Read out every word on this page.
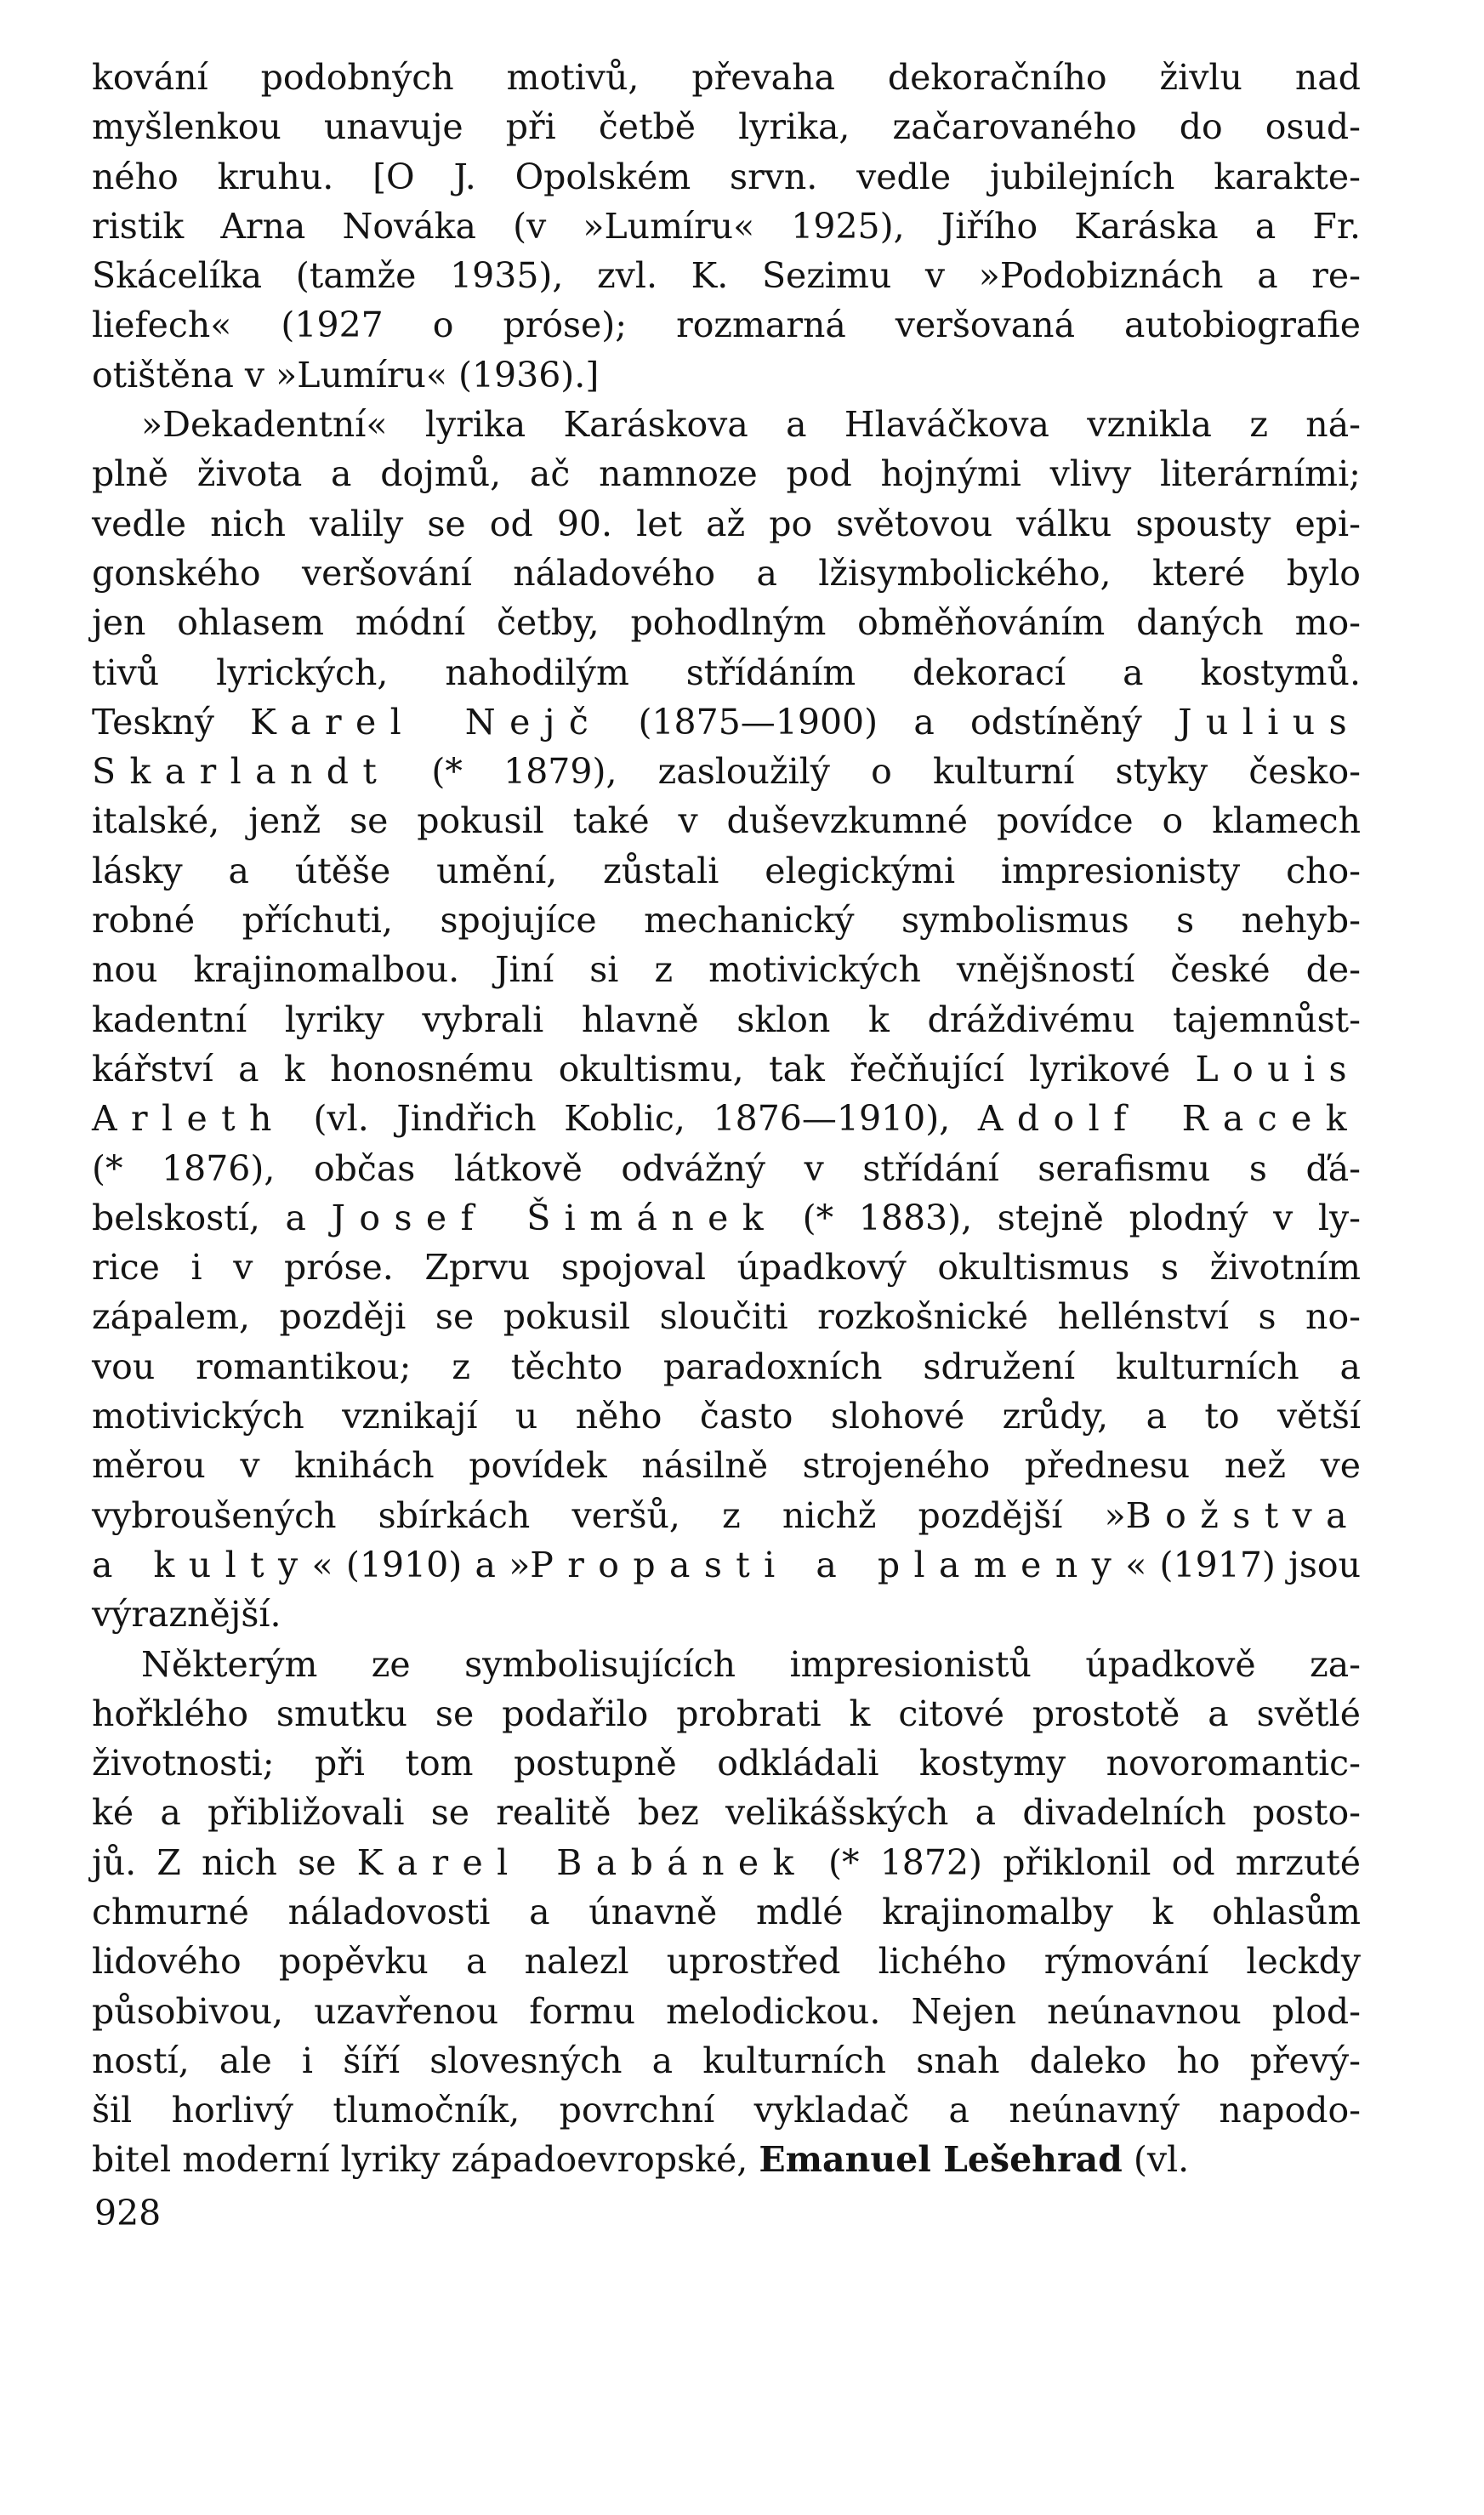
kování podobných motivů, převaha dekoračního živlu nad
myšlenkou unavuje při četbě lyrika, začarovaného do osud-
ného kruhu. [O J. Opolském srvn. vedle jubilejních karakte-
ristik Arna Nováka (v »Lumíru« 1925), Jiřího Karáska a Fr.
Skácelíka (tamže 1935), zvl. K. Sezimu v »Podobiznách a re-
liefech« (1927 o próse); rozmarná veršovaná autobiografie
otištěna v »Lumíru« (1936).]

»Dekadentní« lyrika Karáskova a Hlaváčkova vznikla z ná-
plně života a dojmů, ač namnoze pod hojnými vlivy literárními;
vedle nich valily se od 90. let až po světovou válku spousty epi-
gonského veršování náladového a lžisymbolického, které bylo
jen ohlasem módní četby, pohodlným obměňováním daných mo-
tivů lyrických, nahodilým střídáním dekorací a kostymů.
Teskný Karel Nejč (1875—1900) a odstíněný Julius
Skarlandt (* 1879), zasloužilý o kulturní styky česko-
italské, jenž se pokusil také v duševzkumné povídce o klamech
lásky a útěše umění, zůstali elegickými impresionisty cho-
robné příchuti, spojujíce mechanický symbolismus s nehyb-
nou krajinomalbou. Jiní si z motivických vnějšností české de-
kadentní lyriky vybrali hlavně sklon k dráždivému tajemnůst-
kářství a k honosnému okultismu, tak řečňující lyrikové Louis
Arleth (vl. Jindřich Koblic, 1876—1910), Adolf Racek
(* 1876), občas látkově odvážný v střídání serafismu s ďá-
belskostí, a Josef Šimánek (* 1883), stejně plodný v ly-
rice i v próse. Zprvu spojoval úpadkový okultismus s životním
zápalem, později se pokusil sloučiti rozkošnické hellénství s no-
vou romantikou; z těchto paradoxních sdružení kulturních a
motivických vznikají u něho často slohové zrůdy, a to větší
měrou v knihách povídek násilně strojeného přednesu než ve
vybroušených sbírkách veršů, z nichž pozdější »Božstva
a kulty« (1910) a »Propasti a plameny« (1917) jsou
výraznější.

Některým ze symbolisujících impresionistů úpadkově za-
hořklého smutku se podařilo probrati k citové prostotě a světlé
životnosti; při tom postupně odkládali kostymy novoromantic-
ké a přibližovali se realitě bez velikášských a divadelních posto-
jů. Z nich se Karel Babánek (* 1872) přiklonil od mrzuté
chmurné náladovosti a únavně mdlé krajinomalby k ohlasům
lidového popěvku a nalezl uprostřed lichého rýmování leckdy
působivou, uzavřenou formu melodickou. Nejen neúnavnou plod-
ností, ale i šíří slovesných a kulturních snah daleko ho převý-
šil horlivý tlumočník, povrchní vykladač a neúnavný napodo-
bitel moderní lyriky západoevropské, Emanuel Lešehrad (vl.

928
